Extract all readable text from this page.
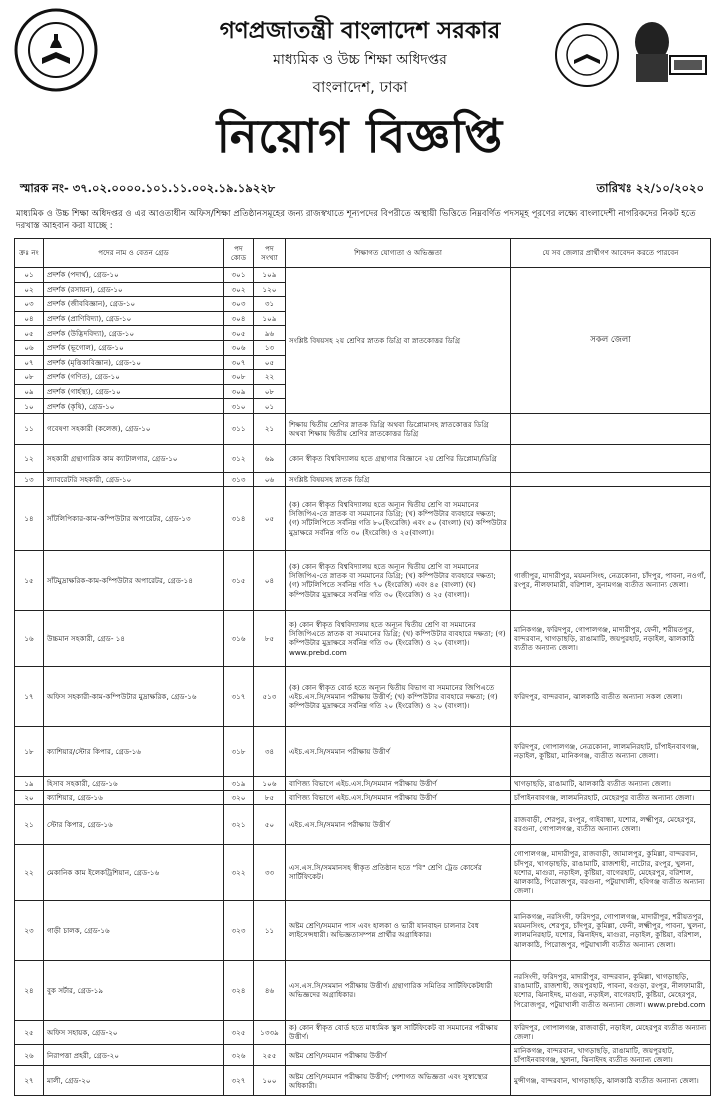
গণপ্রজাতন্ত্রী বাংলাদেশ সরকার
মাধ্যমিক ও উচ্চ শিক্ষা অধিদপ্তর
বাংলাদেশ, ঢাকা
নিয়োগ বিজ্ঞপ্তি
স্মারক নং- ৩৭.০২.০০০০.১০১.১১.০০২.১৯.১৯২২৮	তারিখঃ ২২/১০/২০২০
মাধ্যমিক ও উচ্চ শিক্ষা অধিদপ্তর ও এর আওতাধীন অফিস/শিক্ষা প্রতিষ্ঠানসমূহের জন্য রাজস্বখাতে শূন্যপদের বিপরীতে অস্থায়ী ভিত্তিতে নিম্নবর্ণিত পদসমূহ পূরণের লক্ষ্যে বাংলাদেশী নাগরিকদের নিকট হতে দরখাস্ত আহবান করা যাচ্ছে :
ক্রঃ নং	পদের নাম ও বেতন গ্রেড	পদ কোড	পদ সংখ্যা	শিক্ষাগত যোগ্যতা ও অভিজ্ঞতা	যে সব জেলার প্রার্থীগণ আবেদন করতে পারবেন
০১	প্রদর্শক (পদার্থ), গ্রেড-১০	৩০১	১০৯	সংশ্লিষ্ট বিষয়সহ ২য় শ্রেণির স্নাতক ডিগ্রি বা স্নাতকোত্তর ডিগ্রি	সকল জেলা
০২	প্রদর্শক (রসায়ন), গ্রেড-১০	৩০২	১২০		
০৩	প্রদর্শক (জীববিজ্ঞান), গ্রেড-১০	৩০৩	৩১		
০৪	প্রদর্শক (প্রাণিবিদ্যা), গ্রেড-১০	৩০৪	১০৯		
০৫	প্রদর্শক (উদ্ভিদবিদ্যা), গ্রেড-১০	৩০৫	৯৬		
০৬	প্রদর্শক (ভূগোল), গ্রেড-১০	৩০৬	১৩		
০৭	প্রদর্শক (মৃত্তিকাবিজ্ঞান), গ্রেড-১০	৩০৭	০৫		
০৮	প্রদর্শক (গণিত), গ্রেড-১০	৩০৮	২২		
০৯	প্রদর্শক (গার্হস্থ্য), গ্রেড-১০	৩০৯	০৮		
১০	প্রদর্শক (কৃষি), গ্রেড-১০	৩১০	০১		
১১	গবেষণা সহকারী (কলেজ), গ্রেড-১০	৩১১	২১	শিক্ষায় দ্বিতীয় শ্রেণির স্নাতক ডিগ্রি অথবা ডিপ্লোমাসহ স্নাতকোত্তর ডিগ্রি অথবা শিক্ষায় দ্বিতীয় শ্রেণির স্নাতকোত্তর ডিগ্রি	
১২	সহকারী গ্রন্থাগারিক কাম ক্যাটালগার, গ্রেড-১০	৩১২	৬৯	কোন স্বীকৃত বিশ্ববিদ্যালয় হতে গ্রন্থাগার বিজ্ঞানে ২য় শ্রেণির ডিপ্লোমা/ডিগ্রি	
১৩	ল্যাবরেটরি সহকারী, গ্রেড-১০	৩১৩	০৬	সংশ্লিষ্ট বিষয়সহ স্নাতক ডিগ্রি	
১৪	সাঁটলিপিকার-কাম-কম্পিউটার অপারেটর, গ্রেড-১৩	৩১৪	০৫	(ক) কোন স্বীকৃত বিশ্ববিদ্যালয় হতে অন্যূন দ্বিতীয় শ্রেণি বা সমমানের সিজিপিএ-তে স্নাতক বা সমমানের ডিগ্রি; (খ) কম্পিউটার ব্যবহারে দক্ষতা; (গ) সাঁটলিপিতে সর্বনিম্ন গতি ৮০(ইংরেজি) এবং ৫০ (বাংলা) (ঘ) কম্পিউটার মুদ্রাক্ষরে সর্বনিম্ন গতি ৩০ (ইংরেজি) ও ২৫(বাংলা)।	
১৫	সাঁটমুদ্রাক্ষরিক-কাম-কম্পিউটার অপারেটর, গ্রেড-১৪	৩১৫	০৪	(ক) কোন স্বীকৃত বিশ্ববিদ্যালয় হতে অন্যূন দ্বিতীয় শ্রেণি বা সমমানের সিজিপিএ-তে স্নাতক বা সমমানের ডিগ্রি; (খ) কম্পিউটার ব্যবহারে দক্ষতা; (গ) সাঁটলিপিতে সর্বনিম্ন গতি ৭০ (ইংরেজি) এবং ৪৫ (বাংলা) (ঘ) কম্পিউটার মুদ্রাক্ষরে সর্বনিম্ন গতি ৩০ (ইংরেজি) ও ২৫ (বাংলা)।	গাজীপুর, মাদারীপুর, ময়মনসিংহ, নেত্রকোনা, চাঁদপুর, পাবনা, নওগাঁ, রংপুর, নীলফামারী, বরিশাল, সুনামগঞ্জ ব্যতীত অন্যান্য জেলা।
১৬	উচ্চমান সহকারী, গ্রেড- ১৪	৩১৬	৮৫	ক) কোন স্বীকৃত বিশ্ববিদ্যালয় হতে অন্যূন দ্বিতীয় শ্রেণি বা সমমানের সিজিপিএতে স্নাতক বা সমমানের ডিগ্রি; (খ) কম্পিউটার ব্যবহারে দক্ষতা; (গ) কম্পিউটার মুদ্রাক্ষরে সর্বনিম্ন গতি ৩০ (ইংরেজি) ও ২০ (বাংলা)। www.prebd.com	মানিকগঞ্জ, ফরিদপুর, গোপালগঞ্জ, মাদারীপুর, ফেনী, শরীয়তপুর, বান্দরবান, খাগড়াছড়ি, রাঙামাটি, জয়পুরহাট, নড়াইল, ঝালকাঠি ব্যতীত অন্যান্য জেলা।
১৭	অফিস সহকারী-কাম-কম্পিউটার মুদ্রাক্ষরিক, গ্রেড-১৬	৩১৭	৫১৩	(ক) কোন স্বীকৃত বোর্ড হতে অন্যূন দ্বিতীয় বিভাগ বা সমমানের জিপিএতে এইচ.এস.সি/সমমান পরীক্ষায় উত্তীর্ণ; (খ) কম্পিউটার ব্যবহারে দক্ষতা; (গ) কম্পিউটার মুদ্রাক্ষরে সর্বনিম্ন গতি ২০ (ইংরেজি) ও ২০ (বাংলা)।	ফরিদপুর, বান্দরবান, ঝালকাঠি ব্যতীত অন্যান্য সকল জেলা।
১৮	ক্যাশিয়ার/স্টোর কিপার, গ্রেড-১৬	৩১৮	৩৪	এইচ.এস.সি/সমমান পরীক্ষায় উত্তীর্ণ	ফরিদপুর, গোপালগঞ্জ, নেত্রকোনা, লালমনিরহাট, চাঁপাইনবাবগঞ্জ, নড়াইল, কুষ্টিয়া, মানিকগঞ্জ, ব্যতীত অন্যান্য জেলা।
১৯	হিসাব সহকারী, গ্রেড-১৬	৩১৯	১০৬	বাণিজ্য বিভাগে এইচ.এস.সি/সমমান পরীক্ষায় উত্তীর্ণ	খাগড়াছড়ি, রাঙামাটি, ঝালকাঠি ব্যতীত অন্যান্য জেলা।
২০	ক্যাশিয়ার, গ্রেড-১৬	৩২০	৮৫	বাণিজ্য বিভাগে এইচ.এস.সি/সমমান পরীক্ষায় উত্তীর্ণ	চাঁপাইনবাবগঞ্জ, লালমনিরহাট, মেহেরপুর ব্যতীত অন্যান্য জেলা।
২১	স্টোর কিপার, গ্রেড-১৬	৩২১	৫০	এইচ.এস.সি/সমমান পরীক্ষায় উত্তীর্ণ	রাজবাড়ী, শেরপুর, রংপুর, গাইবান্ধা, যশোর, লক্ষ্মীপুর, মেহেরপুর, বরগুনা, গোপালগঞ্জ, ব্যতীত অন্যান্য জেলা।
২২	মেকানিক কাম ইলেকট্রিশিয়ান, গ্রেড-১৬	৩২২	৩৩	এস.এস.সি/সমমানসহ স্বীকৃত প্রতিষ্ঠান হতে "বি" শ্রেণি ট্রেড কোর্সের সার্টিফিকেট।	গোপালগঞ্জ, মাদারীপুর, রাজবাড়ী, জামালপুর, কুমিল্লা, বান্দরবান, চাঁদপুর, খাগড়াছড়ি, রাঙামাটি, রাজশাহী, নাটোর, রংপুর, খুলনা, যশোর, মাগুরা, নড়াইল, কুষ্টিয়া, বাগেরহাট, মেহেরপুর, বরিশাল, ঝালকাঠি, পিরোজপুর, বরগুনা, পটুয়াখালী, হবিগঞ্জ ব্যতীত অন্যান্য জেলা।
২৩	গাড়ী চালক, গ্রেড-১৬	৩২৩	১১	অষ্টম শ্রেণি/সমমান পাস এবং হালকা ও ভারী যানবাহন চালনার বৈধ লাইসেন্সধারী। অভিজ্ঞতাসম্পন্ন প্রার্থীর অগ্রাধিকার।	মানিকগঞ্জ, নরসিংদী, ফরিদপুর, গোপালগঞ্জ, মাদারীপুর, শরীয়তপুর, ময়মনসিংহ, শেরপুর, চাঁদপুর, কুমিল্লা, ফেনী, লক্ষ্মীপুর, পাবনা, খুলনা, লালমনিরহাট, যশোর, ঝিনাইদহ, মাগুরা, নড়াইল, কুষ্টিয়া, বরিশাল, ঝালকাঠি, পিরোজপুর, পটুয়াখালী ব্যতীত অন্যান্য জেলা।
২৪	বুক সর্টার, গ্রেড-১৯	৩২৪	৪৬	এস.এস.সি/সমমান পরীক্ষায় উত্তীর্ণ। গ্রন্থাগারিক সমিতির সার্টিফিকেটধারী অভিজ্ঞদের অগ্রাধিকার।	নরসিংদী, ফরিদপুর, মাদারীপুর, বান্দরবান, কুমিল্লা, খাগড়াছড়ি, রাঙামাটি, রাজশাহী, জয়পুরহাট, পাবনা, বগুড়া, রংপুর, নীলফামারী, যশোর, ঝিনাইদহ, মাগুরা, নড়াইল, বাগেরহাট, কুষ্টিয়া, মেহেরপুর, পিরোজপুর, পটুয়াখালী ব্যতীত অন্যান্য জেলা। www.prebd.com
২৫	অফিস সহায়ক, গ্রেড-২০	৩২৫	১৩৩৯	ক) কোন স্বীকৃত বোর্ড হতে মাধ্যমিক স্কুল সার্টিফিকেট বা সমমানের পরীক্ষায় উত্তীর্ণ।	ফরিদপুর, গোপালগঞ্জ, রাজবাড়ী, নড়াইল, মেহেরপুর ব্যতীত অন্যান্য জেলা।
২৬	নিরাপত্তা প্রহরী, গ্রেড-২০	৩২৬	২৫৫	অষ্টম শ্রেণি/সমমান পরীক্ষায় উত্তীর্ণ	মানিকগঞ্জ, বান্দরবান, খাগড়াছড়ি, রাঙামাটি, জয়পুরহাট, চাঁপাইনবাবগঞ্জ, খুলনা, ঝিনাইদহ ব্যতীত অন্যান্য জেলা।
২৭	মালী, গ্রেড-২০	৩২৭	১০০	অষ্টম শ্রেণি/সমমান পরীক্ষায় উত্তীর্ণ; পেশাগত অভিজ্ঞতা এবং সুস্বাস্থ্যের অধিকারী।	মুন্সীগঞ্জ, বান্দরবান, খাগড়াছড়ি, ঝালকাঠি ব্যতীত অন্যান্য জেলা।
